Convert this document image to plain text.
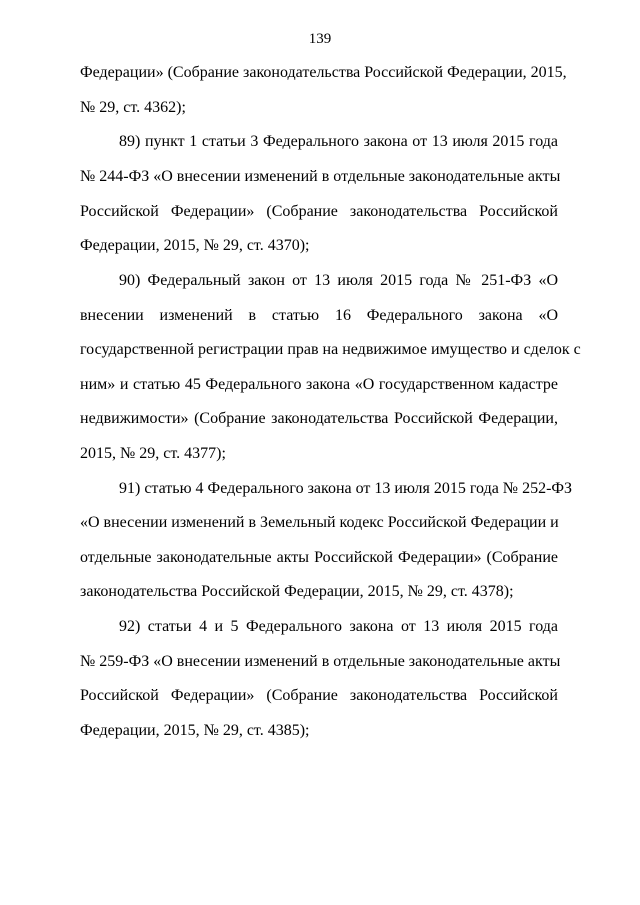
139
Федерации» (Собрание законодательства Российской Федерации, 2015,
№ 29, ст. 4362);
89) пункт 1 статьи 3 Федерального закона от 13 июля 2015 года
№ 244-ФЗ «О внесении изменений в отдельные законодательные акты
Российской Федерации» (Собрание законодательства Российской
Федерации, 2015, № 29, ст. 4370);
90) Федеральный закон от 13 июля 2015 года № 251-ФЗ «О
внесении изменений в статью 16 Федерального закона «О
государственной регистрации прав на недвижимое имущество и сделок с
ним» и статью 45 Федерального закона «О государственном кадастре
недвижимости» (Собрание законодательства Российской Федерации,
2015, № 29, ст. 4377);
91) статью 4 Федерального закона от 13 июля 2015 года № 252-ФЗ
«О внесении изменений в Земельный кодекс Российской Федерации и
отдельные законодательные акты Российской Федерации» (Собрание
законодательства Российской Федерации, 2015, № 29, ст. 4378);
92) статьи 4 и 5 Федерального закона от 13 июля 2015 года
№ 259-ФЗ «О внесении изменений в отдельные законодательные акты
Российской Федерации» (Собрание законодательства Российской
Федерации, 2015, № 29, ст. 4385);
